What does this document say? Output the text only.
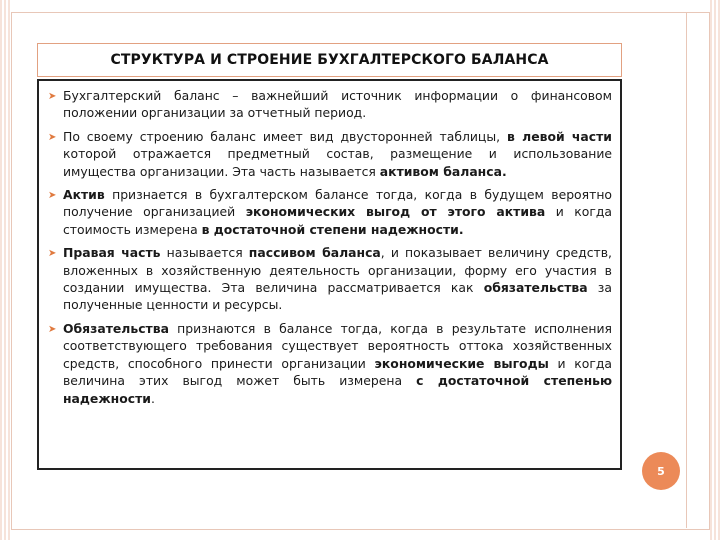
СТРУКТУРА И СТРОЕНИЕ БУХГАЛТЕРСКОГО БАЛАНСА
➤ Бухгалтерский баланс – важнейший источник информации о финансовом положении организации за отчетный период.
➤ По своему строению баланс имеет вид двусторонней таблицы, в левой части которой отражается предметный состав, размещение и использование имущества организации. Эта часть называется активом баланса.
➤ Актив признается в бухгалтерском балансе тогда, когда в будущем вероятно получение организацией экономических выгод от этого актива и когда стоимость измерена в достаточной степени надежности.
➤ Правая часть называется пассивом баланса, и показывает величину средств, вложенных в хозяйственную деятельность организации, форму его участия в создании имущества. Эта величина рассматривается как обязательства за полученные ценности и ресурсы.
➤ Обязательства признаются в балансе тогда, когда в результате исполнения соответствующего требования существует вероятность оттока хозяйственных средств, способного принести организации экономические выгоды и когда величина этих выгод может быть измерена с достаточной степенью надежности.
5
